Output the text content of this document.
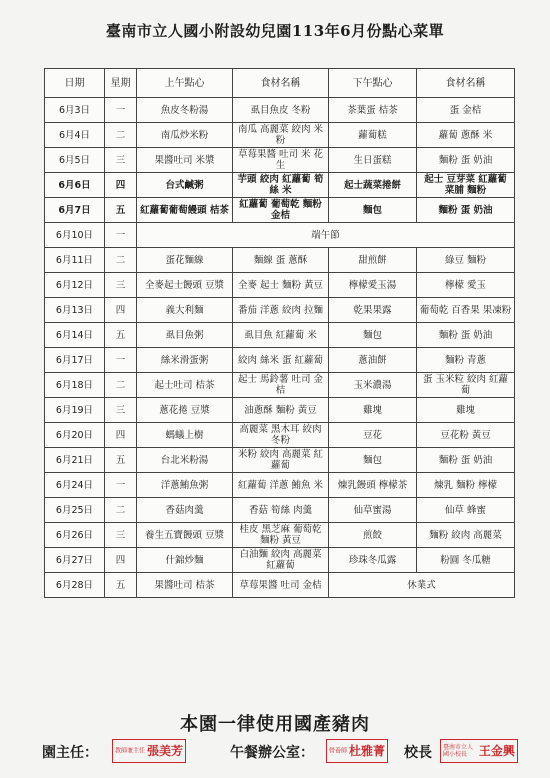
臺南市立人國小附設幼兒園113年6月份點心菜單
日期	星期	上午點心	食材名稱	下午點心	食材名稱
6月3日	一	魚皮冬粉湯	虱目魚皮 冬粉	茶葉蛋 桔茶	蛋 金桔
6月4日	二	南瓜炒米粉	南瓜 高麗菜 絞肉 米粉	蘿蔔糕	蘿蔔 蔥酥 米
6月5日	三	果醬吐司 米漿	草莓果醬 吐司 米 花生	生日蛋糕	麵粉 蛋 奶油
6月6日	四	台式鹹粥	芋頭 絞肉 紅蘿蔔 筍絲 米	起士蔬菜捲餅	起士 豆芽菜 紅蘿蔔 菜脯 麵粉
6月7日	五	紅蘿蔔葡萄饅頭 桔茶	紅蘿蔔 葡萄乾 麵粉 金桔	麵包	麵粉 蛋 奶油
6月10日	一	端午節			
6月11日	二	蛋花麵線	麵線 蛋 蔥酥	甜煎餅	綠豆 麵粉
6月12日	三	全麥起士饅頭 豆漿	全麥 起士 麵粉 黃豆	檸檬愛玉湯	檸檬 愛玉
6月13日	四	義大利麵	番茄 洋蔥 絞肉 拉麵	乾果果露	葡萄乾 百香果 果凍粉
6月14日	五	虱目魚粥	虱目魚 紅蘿蔔 米	麵包	麵粉 蛋 奶油
6月17日	一	絲米滑蛋粥	絞肉 絲米 蛋 紅蘿蔔	蔥油餅	麵粉 青蔥
6月18日	二	起士吐司 桔茶	起士 馬鈴薯 吐司 金桔	玉米濃湯	蛋 玉米粒 絞肉 紅蘿蔔
6月19日	三	蔥花捲 豆漿	油蔥酥 麵粉 黃豆	雞塊	雞塊
6月20日	四	螞蟻上樹	高麗菜 黑木耳 絞肉 冬粉	豆花	豆花粉 黃豆
6月21日	五	台北米粉湯	米粉 絞肉 高麗菜 紅蘿蔔	麵包	麵粉 蛋 奶油
6月24日	一	洋蔥鮪魚粥	紅蘿蔔 洋蔥 鮪魚 米	煉乳饅頭 檸檬茶	煉乳 麵粉 檸檬
6月25日	二	香菇肉羹	香菇 筍絲 肉羹	仙草蜜湯	仙草 蜂蜜
6月26日	三	養生五寶饅頭 豆漿	桂皮 黑芝麻 葡萄乾 麵粉 黃豆	煎餃	麵粉 絞肉 高麗菜
6月27日	四	什錦炒麵	白油麵 絞肉 高麗菜 紅蘿蔔	珍珠冬瓜露	粉圓 冬瓜糖
6月28日	五	果醬吐司 桔茶	草莓果醬 吐司 金桔	休業式	
本園一律使用國產豬肉
園主任：	教師兼主任 張美芳	午餐辦公室：	營養師 杜雅菁 校長	臺南市立人國小校長 王金興
